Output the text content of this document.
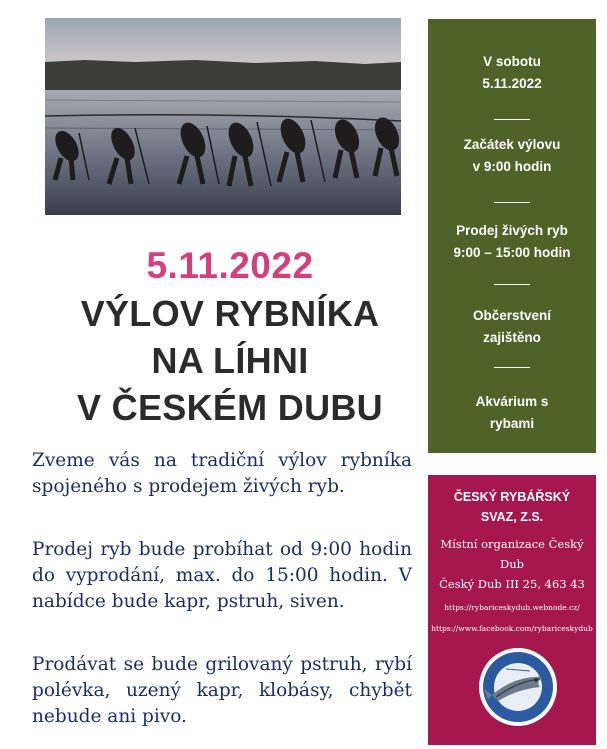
5.11.2022
VÝLOV RYBNÍKA
NA LÍHNI
V ČESKÉM DUBU
Zveme vás na tradiční výlov rybníka spojeného s prodejem živých ryb.
Prodej ryb bude probíhat od 9:00 hodin do vyprodání, max. do 15:00 hodin. V nabídce bude kapr, pstruh, siven.
Prodávat se bude grilovaný pstruh, rybí polévka, uzený kapr, klobásy, chybět nebude ani pivo.
V sobotu
5.11.2022
Začátek výlovu
v 9:00 hodin
Prodej živých ryb
9:00 – 15:00 hodin
Občerstvení
zajištěno
Akvárium s
rybami
ČESKÝ RYBÁŘSKÝ
SVAZ, Z.S.
Místní organizace Český Dub
Český Dub III 25, 463 43
https://rybariceskydub.webnode.cz/
https://www.facebook.com/rybariceskydub
